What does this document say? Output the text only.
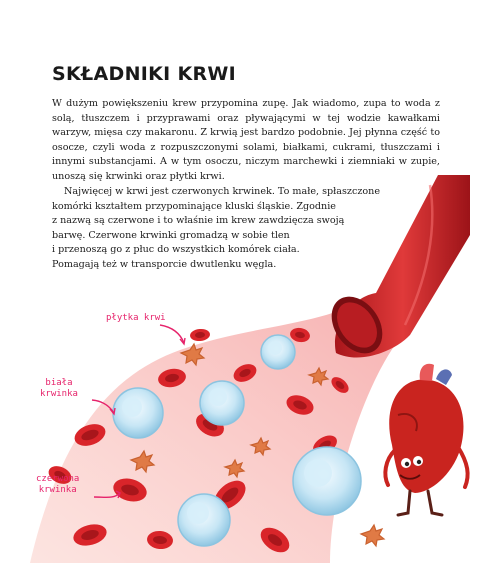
SKŁADNIKI KRWI

W dużym powiększeniu krew przypomina zupę. Jak wiadomo, zupa to woda z solą, tłuszczem i przyprawami oraz pływającymi w tej wodzie kawałkami warzyw, mięsa czy makaronu. Z krwią jest bardzo podobnie. Jej płynna część to osocze, czyli woda z rozpuszczonymi solami, białkami, cukrami, tłuszczami i innymi substancjami. A w tym osoczu, niczym marchewki i ziemniaki w zupie, unoszą się krwinki oraz płytki krwi.

Najwięcej w krwi jest czerwonych krwinek. To małe, spłaszczone
komórki kształtem przypominające kluski śląskie. Zgodnie
z nazwą są czerwone i to właśnie im krew zawdzięcza swoją
barwę. Czerwone krwinki gromadzą w sobie tlen
i przenoszą go z płuc do wszystkich komórek ciała.
Pomagają też w transporcie dwutlenku węgla.
płytka krwi
biała
krwinka
czerwona
krwinka
